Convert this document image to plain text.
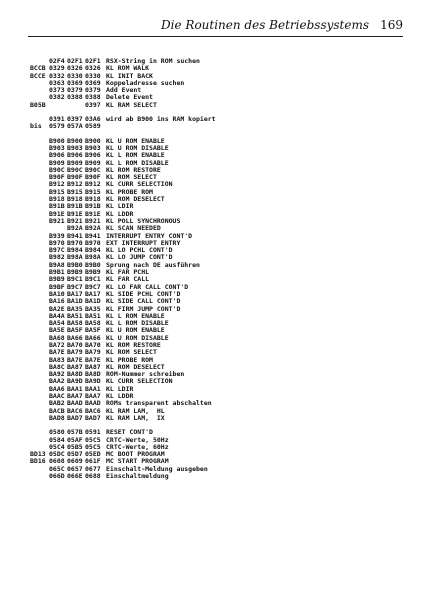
Die Routinen des Betriebssystems 169
02F4 02F1 02F1 RSX-String in ROM suchen
BCCB 0329 0326 0326 KL ROM WALK
BCCE 0332 0330 0330 KL INIT BACK
0363 0369 0369 Koppeladresse suchen
0373 0379 0379 Add Event
0382 0388 0388 Delete Event
B05B	0397 KL RAM SELECT
0391 0397 03A6 wird ab B900 ins RAM kopiert
bis	0579 057A 0589
B900 B900 B900 KL U ROM ENABLE
B903 B903 B903 KL U ROM DISABLE
B906 B906 B906 KL L ROM ENABLE
B909 B909 B909 KL L ROM DISABLE
B90C B90C B90C KL ROM RESTORE
B90F B90F B90F KL ROM SELECT
B912 B912 B912 KL CURR SELECTION
B915 B915 B915 KL PROBE ROM
B918 B918 B918 KL ROM DESELECT
B91B B91B B91B KL LDIR
B91E B91E B91E KL LDDR
B921 B921 B921 KL POLL SYNCHRONOUS
B92A B92A KL SCAN NEEDED
B939 B941 B941 INTERRUPT ENTRY CONT'D
B970 B970 B970 EXT INTERRUPT ENTRY
B97C B984 B984 KL LO PCHL CONT'D
B982 B98A B98A KL LO JUMP CONT'D
B9A8 B9B0 B9B0 Sprung nach DE ausführen
B9B1 B9B9 B9B9 KL FAR PCHL
B9B9 B9C1 B9C1 KL FAR CALL
B9BF B9C7 B9C7 KL LO FAR CALL CONT'D
BA10 BA17 BA17 KL SIDE PCHL CONT'D
BA16 BA1D BA1D KL SIDE CALL CONT'D
BA2E BA35 BA35 KL FIRM JUMP CONT'D
BA4A BA51 BA51 KL L ROM ENABLE
BA54 BA58 BA58 KL L ROM DISABLE
BA5E BA5F BA5F KL U ROM ENABLE
BA68 BA66 BA66 KL U ROM DISABLE
BA72 BA70 BA70 KL ROM RESTORE
BA7E BA79 BA79 KL ROM SELECT
BA83 BA7E BA7E KL PROBE ROM
BA8C BA87 BA87 KL ROM DESELECT
BA92 BA8D BA8D ROM-Nummer schreiben
BAA2 BA9D BA9D KL CURR SELECTION
BAA6 BAA1 BAA1 KL LDIR
BAAC BAA7 BAA7 KL LDDR
BAB2 BAAD BAAD ROMs transparent abschalten
BACB BAC6 BAC6 KL RAM LAM,  HL
BAD8 BAD7 BAD7 KL RAM LAM,  IX
0580 057B 0591 RESET CONT'D
0584 05AF 05C5 CRTC-Werte, 50Hz
05C4 05B5 05C5 CRTC-Werte, 60Hz
BD13 05DC 05D7 05ED MC BOOT PROGRAM
BD16 0608 0609 061F MC START PROGRAM
065C 0657 0677 Einschalt-Meldung ausgeben
066D 066E 0688 Einschaltmeldung
